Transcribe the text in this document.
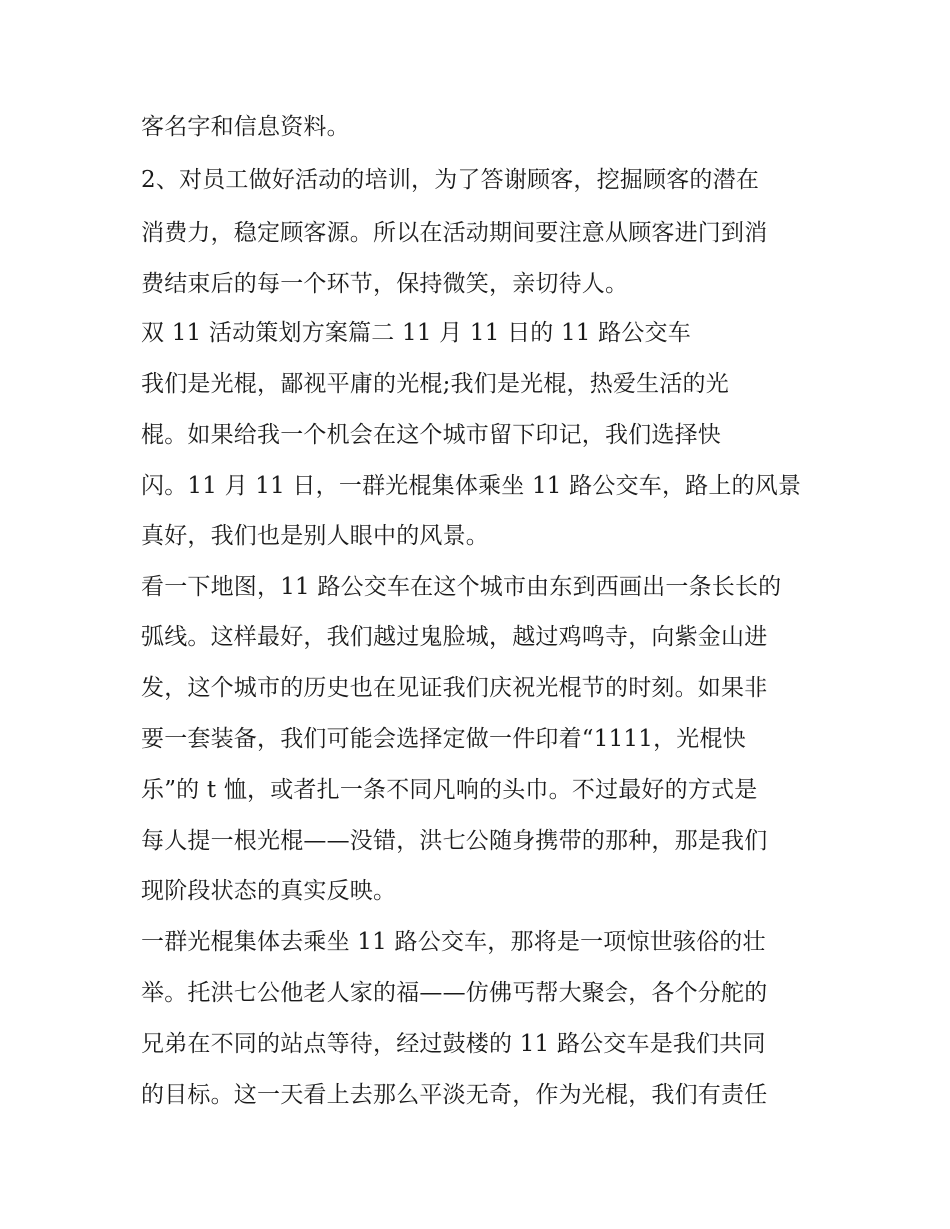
客名字和信息资料。
2、对员工做好活动的培训，为了答谢顾客，挖掘顾客的潜在
消费力，稳定顾客源。所以在活动期间要注意从顾客进门到消
费结束后的每一个环节，保持微笑，亲切待人。
双 11 活动策划方案篇二 11 月 11 日的 11 路公交车
我们是光棍，鄙视平庸的光棍;我们是光棍，热爱生活的光
棍。如果给我一个机会在这个城市留下印记，我们选择快
闪。11 月 11 日，一群光棍集体乘坐 11 路公交车，路上的风景
真好，我们也是别人眼中的风景。
看一下地图，11 路公交车在这个城市由东到西画出一条长长的
弧线。这样最好，我们越过鬼脸城，越过鸡鸣寺，向紫金山进
发，这个城市的历史也在见证我们庆祝光棍节的时刻。如果非
要一套装备，我们可能会选择定做一件印着“1111，光棍快
乐”的 t 恤，或者扎一条不同凡响的头巾。不过最好的方式是
每人提一根光棍——没错，洪七公随身携带的那种，那是我们
现阶段状态的真实反映。
一群光棍集体去乘坐 11 路公交车，那将是一项惊世骇俗的壮
举。托洪七公他老人家的福——仿佛丐帮大聚会，各个分舵的
兄弟在不同的站点等待，经过鼓楼的 11 路公交车是我们共同
的目标。这一天看上去那么平淡无奇，作为光棍，我们有责任
